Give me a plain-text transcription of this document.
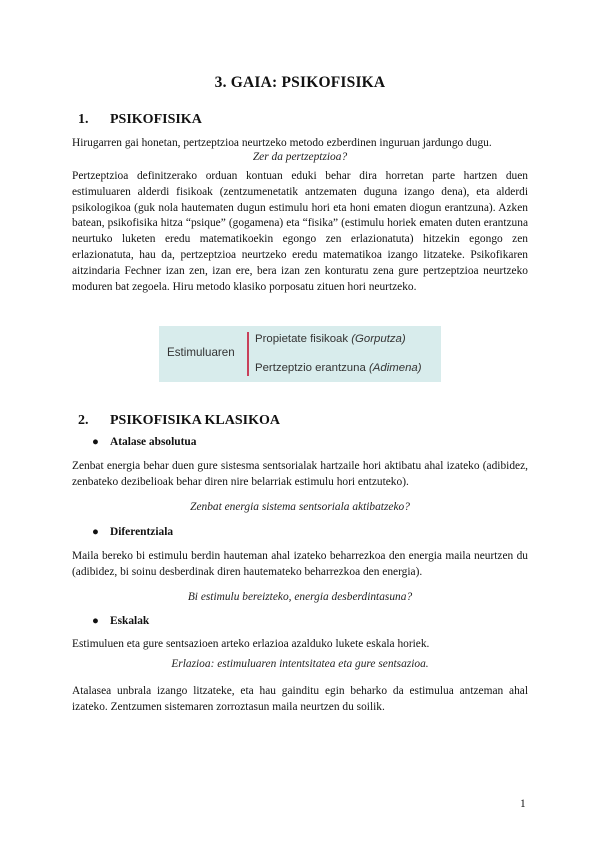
3. GAIA: PSIKOFISIKA
1. PSIKOFISIKA
Hirugarren gai honetan, pertzeptzioa neurtzeko metodo ezberdinen inguruan jardungo dugu.
Zer da pertzeptzioa?
Pertzeptzioa definitzerako orduan kontuan eduki behar dira horretan parte hartzen duen estimuluaren alderdi fisikoak (zentzumenetatik antzematen duguna izango dena), eta alderdi psikologikoa (guk nola hautematen dugun estimulu hori eta honi ematen diogun erantzuna). Azken batean, psikofisika hitza “psique” (gogamena) eta “fisika” (estimulu horiek ematen duten erantzuna neurtuko luketen eredu matematikoekin egongo zen erlazionatuta) hitzekin egongo zen erlazionatuta, hau da, pertzeptzioa neurtzeko eredu matematikoa izango litzateke. Psikofikaren aitzindaria Fechner izan zen, izan ere, bera izan zen konturatu zena gure pertzeptzioa neurtzeko moduren bat zegoela. Hiru metodo klasiko porposatu zituen hori neurtzeko.
Estimuluaren
Propietate fisikoak (Gorputza)
Pertzeptzio erantzuna (Adimena)
2. PSIKOFISIKA KLASIKOA
● Atalase absolutua
Zenbat energia behar duen gure sistesma sentsorialak hartzaile hori aktibatu ahal izateko (adibidez, zenbateko dezibelioak behar diren nire belarriak estimulu hori entzuteko).
Zenbat energia sistema sentsoriala aktibatzeko?
● Diferentziala
Maila bereko bi estimulu berdin hauteman ahal izateko beharrezkoa den energia maila neurtzen du (adibidez, bi soinu desberdinak diren hautemateko beharrezkoa den energia).
Bi estimulu bereizteko, energia desberdintasuna?
● Eskalak
Estimuluen eta gure sentsazioen arteko erlazioa azalduko lukete eskala horiek.
Erlazioa: estimuluaren intentsitatea eta gure sentsazioa.
Atalasea unbrala izango litzateke, eta hau gainditu egin beharko da estimulua antzeman ahal izateko. Zentzumen sistemaren zorroztasun maila neurtzen du soilik.
1
